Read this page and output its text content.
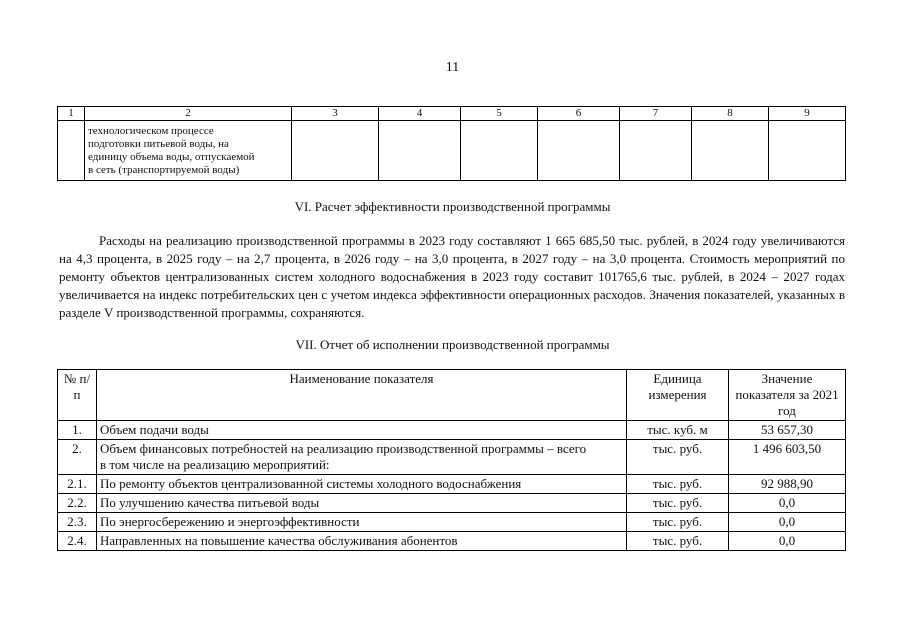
11
1	2	3	4	5	6	7	8	9

	технологическом процессе
подготовки питьевой воды, на
единицу объема воды, отпускаемой
в сеть (транспортируемой воды)							

VI. Расчет эффективности производственной программы

Расходы на реализацию производственной программы в 2023 году составляют 1 665 685,50 тыс. рублей, в 2024 году увеличиваются на 4,3 процента, в 2025 году – на 2,7 процента, в 2026 году – на 3,0 процента, в 2027 году – на 3,0 процента. Стоимость мероприятий по ремонту объектов централизованных систем холодного водоснабжения в 2023 году составит 101765,6 тыс. рублей, в 2024 – 2027 годах увеличивается на индекс потребительских цен с учетом индекса эффективности операционных расходов. Значения показателей, указанных в разделе V производственной программы, сохраняются.

VII. Отчет об исполнении производственной программы
№ п/п	Наименование показателя	Единица измерения	Значение показателя за 2021 год
1.	Объем подачи воды	тыс. куб. м	53 657,30
2.	Объем финансовых потребностей на реализацию производственной программы – всего
в том числе на реализацию мероприятий:	тыс. руб.	1 496 603,50
2.1.	По ремонту объектов централизованной системы холодного водоснабжения	тыс. руб.	92 988,90
2.2.	По улучшению качества питьевой воды	тыс. руб.	0,0
2.3.	По энергосбережению и энергоэффективности	тыс. руб.	0,0
2.4.	Направленных на повышение качества обслуживания абонентов	тыс. руб.	0,0
